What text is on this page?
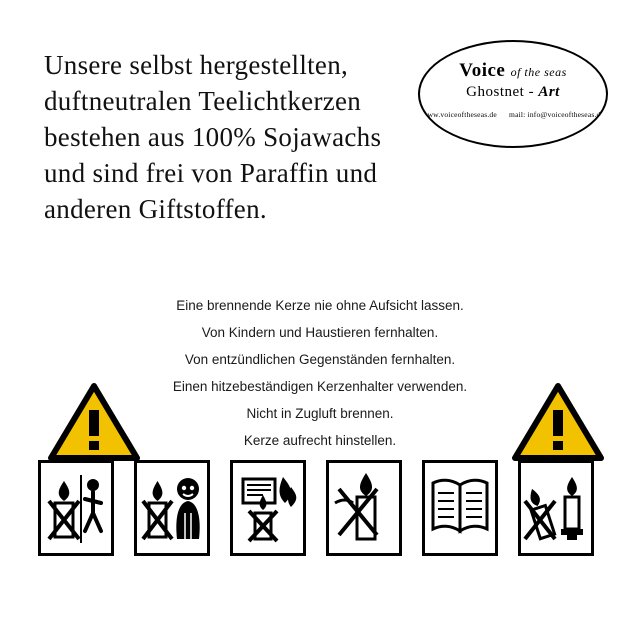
Unsere selbst hergestellten,
duftneutralen Teelichtkerzen
bestehen aus 100% Sojawachs
und sind frei von Paraffin und
anderen Giftstoffen.
Voice of the seas
Ghostnet - Art
www.voiceoftheseas.de mail: info@voiceoftheseas.de
Eine brennende Kerze nie ohne Aufsicht lassen.
Von Kindern und Haustieren fernhalten.
Von entzündlichen Gegenständen fernhalten.
Einen hitzebeständigen Kerzenhalter verwenden.
Nicht in Zugluft brennen.
Kerze aufrecht hinstellen.
